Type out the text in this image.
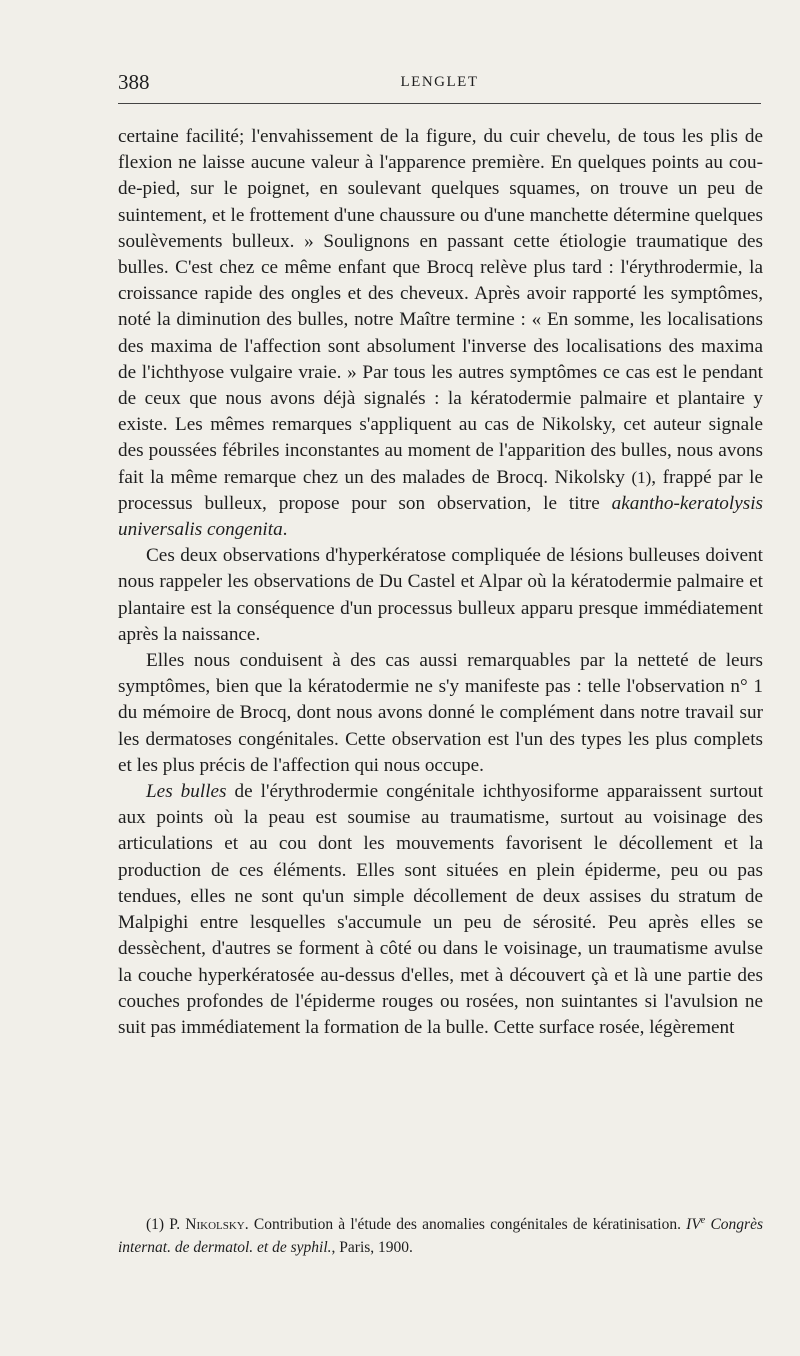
388	LENGLET

certaine facilité; l'envahissement de la figure, du cuir chevelu, de tous les plis de flexion ne laisse aucune valeur à l'apparence première. En quelques points au cou-de-pied, sur le poignet, en soulevant quelques squames, on trouve un peu de suintement, et le frottement d'une chaussure ou d'une manchette détermine quelques soulèvements bulleux. » Soulignons en passant cette étiologie traumatique des bulles. C'est chez ce même enfant que Brocq relève plus tard : l'érythrodermie, la croissance rapide des ongles et des cheveux. Après avoir rapporté les symptômes, noté la diminution des bulles, notre Maître termine : « En somme, les localisations des maxima de l'affection sont absolument l'inverse des localisations des maxima de l'ichthyose vulgaire vraie. » Par tous les autres symptômes ce cas est le pendant de ceux que nous avons déjà signalés : la kératodermie palmaire et plantaire y existe. Les mêmes remarques s'appliquent au cas de Nikolsky, cet auteur signale des poussées fébriles inconstantes au moment de l'apparition des bulles, nous avons fait la même remarque chez un des malades de Brocq. Nikolsky (1), frappé par le processus bulleux, propose pour son observation, le titre akantho-keratolysis universalis congenita.

Ces deux observations d'hyperkératose compliquée de lésions bulleuses doivent nous rappeler les observations de Du Castel et Alpar où la kératodermie palmaire et plantaire est la conséquence d'un processus bulleux apparu presque immédiatement après la naissance.

Elles nous conduisent à des cas aussi remarquables par la netteté de leurs symptômes, bien que la kératodermie ne s'y manifeste pas : telle l'observation n° 1 du mémoire de Brocq, dont nous avons donné le complément dans notre travail sur les dermatoses congénitales. Cette observation est l'un des types les plus complets et les plus précis de l'affection qui nous occupe.

Les bulles de l'érythrodermie congénitale ichthyosiforme apparaissent surtout aux points où la peau est soumise au traumatisme, surtout au voisinage des articulations et au cou dont les mouvements favorisent le décollement et la production de ces éléments. Elles sont situées en plein épiderme, peu ou pas tendues, elles ne sont qu'un simple décollement de deux assises du stratum de Malpighi entre lesquelles s'accumule un peu de sérosité. Peu après elles se dessèchent, d'autres se forment à côté ou dans le voisinage, un traumatisme avulse la couche hyperkératosée au-dessus d'elles, met à découvert çà et là une partie des couches profondes de l'épiderme rouges ou rosées, non suintantes si l'avulsion ne suit pas immédiatement la formation de la bulle. Cette surface rosée, légèrement

(1) P. Nikolsky. Contribution à l'étude des anomalies congénitales de kératinisation. IVe Congrès internat. de dermatol. et de syphil., Paris, 1900.
